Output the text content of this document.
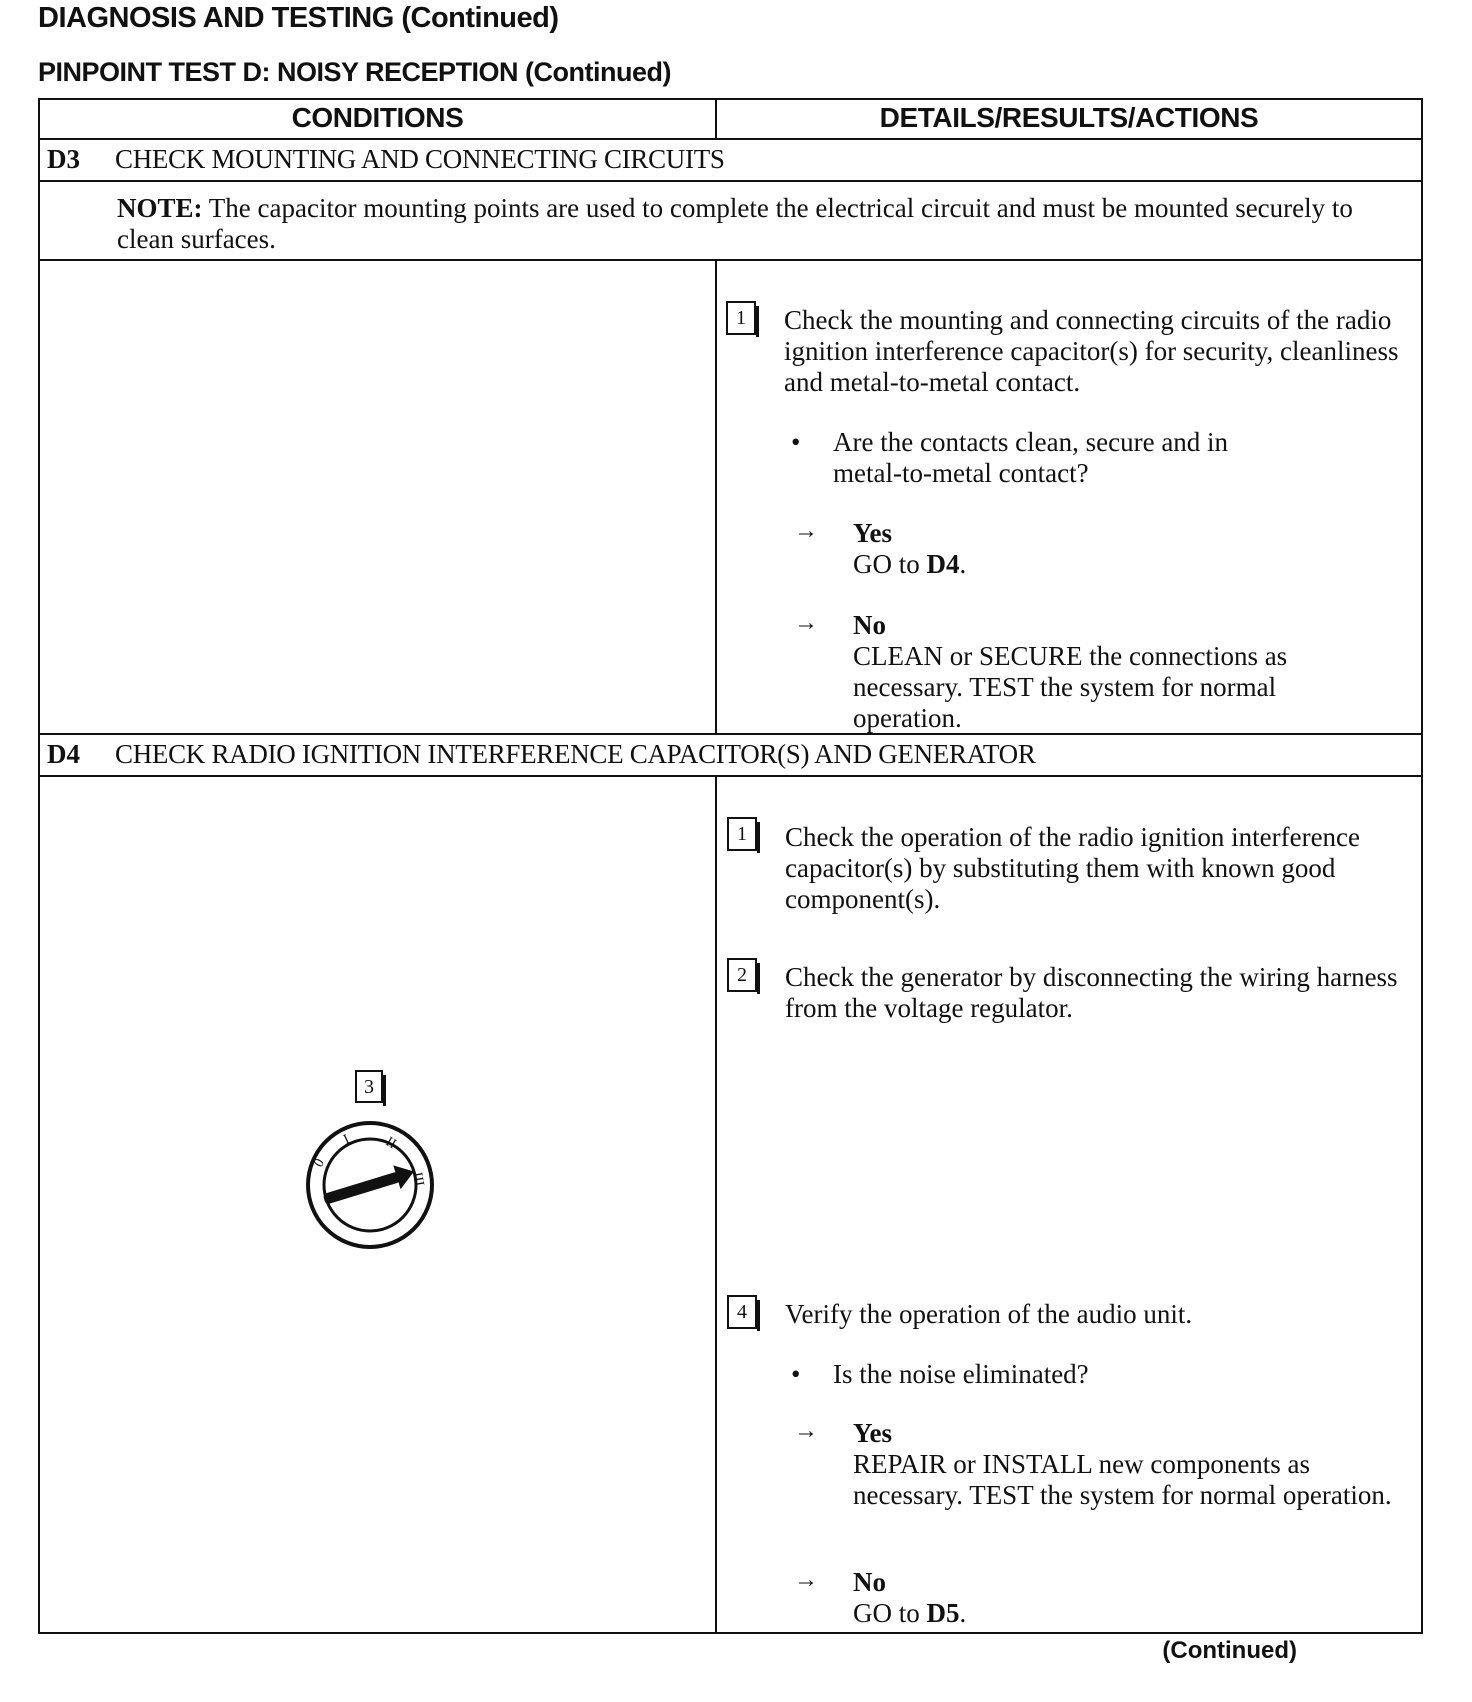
DIAGNOSIS AND TESTING (Continued)
PINPOINT TEST D: NOISY RECEPTION (Continued)
CONDITIONS	DETAILS/RESULTS/ACTIONS
D3 CHECK MOUNTING AND CONNECTING CIRCUITS
NOTE: The capacitor mounting points are used to complete the electrical circuit and must be mounted securely to clean surfaces.
1	Check the mounting and connecting circuits of the radio ignition interference capacitor(s) for security, cleanliness and metal-to-metal contact.
• Are the contacts clean, secure and in metal-to-metal contact?
→ Yes
GO to D4.
→ No
CLEAN or SECURE the connections as necessary. TEST the system for normal operation.
D4 CHECK RADIO IGNITION INTERFERENCE CAPACITOR(S) AND GENERATOR
1	Check the operation of the radio ignition interference capacitor(s) by substituting them with known good component(s).
2	Check the generator by disconnecting the wiring harness from the voltage regulator.
3
0
I II
III
4	Verify the operation of the audio unit.
• Is the noise eliminated?
→ Yes
REPAIR or INSTALL new components as necessary. TEST the system for normal operation.
→ No
GO to D5.
(Continued)
